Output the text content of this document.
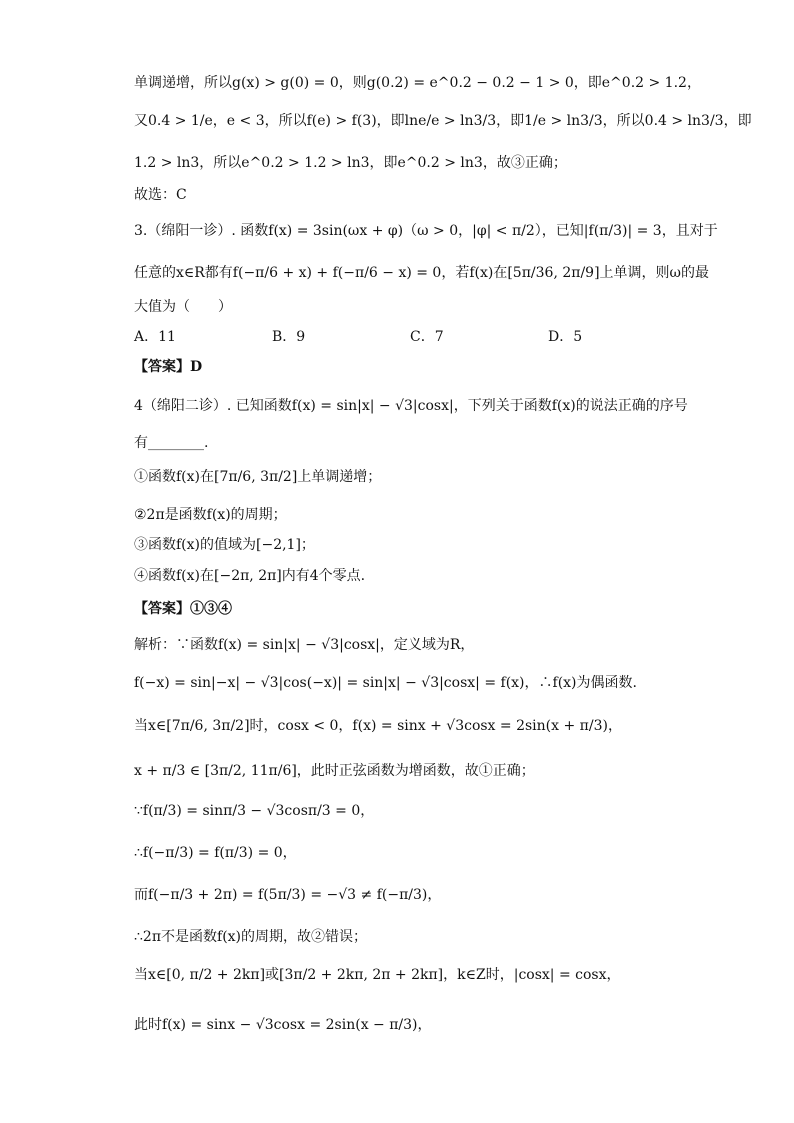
单调递增，所以g(x) > g(0) = 0，则g(0.2) = e^0.2 − 0.2 − 1 > 0，即e^0.2 > 1.2，
又0.4 > 1/e，e < 3，所以f(e) > f(3)，即lne/e > ln3/3，即1/e > ln3/3，所以0.4 > ln3/3，即
1.2 > ln3，所以e^0.2 > 1.2 > ln3，即e^0.2 > ln3，故③正确；
故选：C
3.（绵阳一诊）. 函数f(x) = 3sin(ωx + φ)（ω > 0，|φ| < π/2），已知|f(π/3)| = 3，且对于
任意的x∈R都有f(−π/6 + x) + f(−π/6 − x) = 0，若f(x)在[5π/36, 2π/9]上单调，则ω的最
大值为（　　）
A．11	B．9	C．7	D．5
【答案】D
4（绵阳二诊）. 已知函数f(x) = sin|x| − √3|cosx|，下列关于函数f(x)的说法正确的序号
有________.
①函数f(x)在[7π/6, 3π/2]上单调递增；
②2π是函数f(x)的周期；
③函数f(x)的值域为[−2,1]；
④函数f(x)在[−2π, 2π]内有4个零点.
【答案】①③④
解析：∵函数f(x) = sin|x| − √3|cosx|，定义域为R，
f(−x) = sin|−x| − √3|cos(−x)| = sin|x| − √3|cosx| = f(x)，∴f(x)为偶函数.
当x∈[7π/6, 3π/2]时，cosx < 0，f(x) = sinx + √3cosx = 2sin(x + π/3)，
x + π/3 ∈ [3π/2, 11π/6]，此时正弦函数为增函数，故①正确；
∵f(π/3) = sinπ/3 − √3cosπ/3 = 0，
∴f(−π/3) = f(π/3) = 0，
而f(−π/3 + 2π) = f(5π/3) = −√3 ≠ f(−π/3)，
∴2π不是函数f(x)的周期，故②错误；
当x∈[0, π/2 + 2kπ]或[3π/2 + 2kπ, 2π + 2kπ]，k∈Z时，|cosx| = cosx，
此时f(x) = sinx − √3cosx = 2sin(x − π/3)，
